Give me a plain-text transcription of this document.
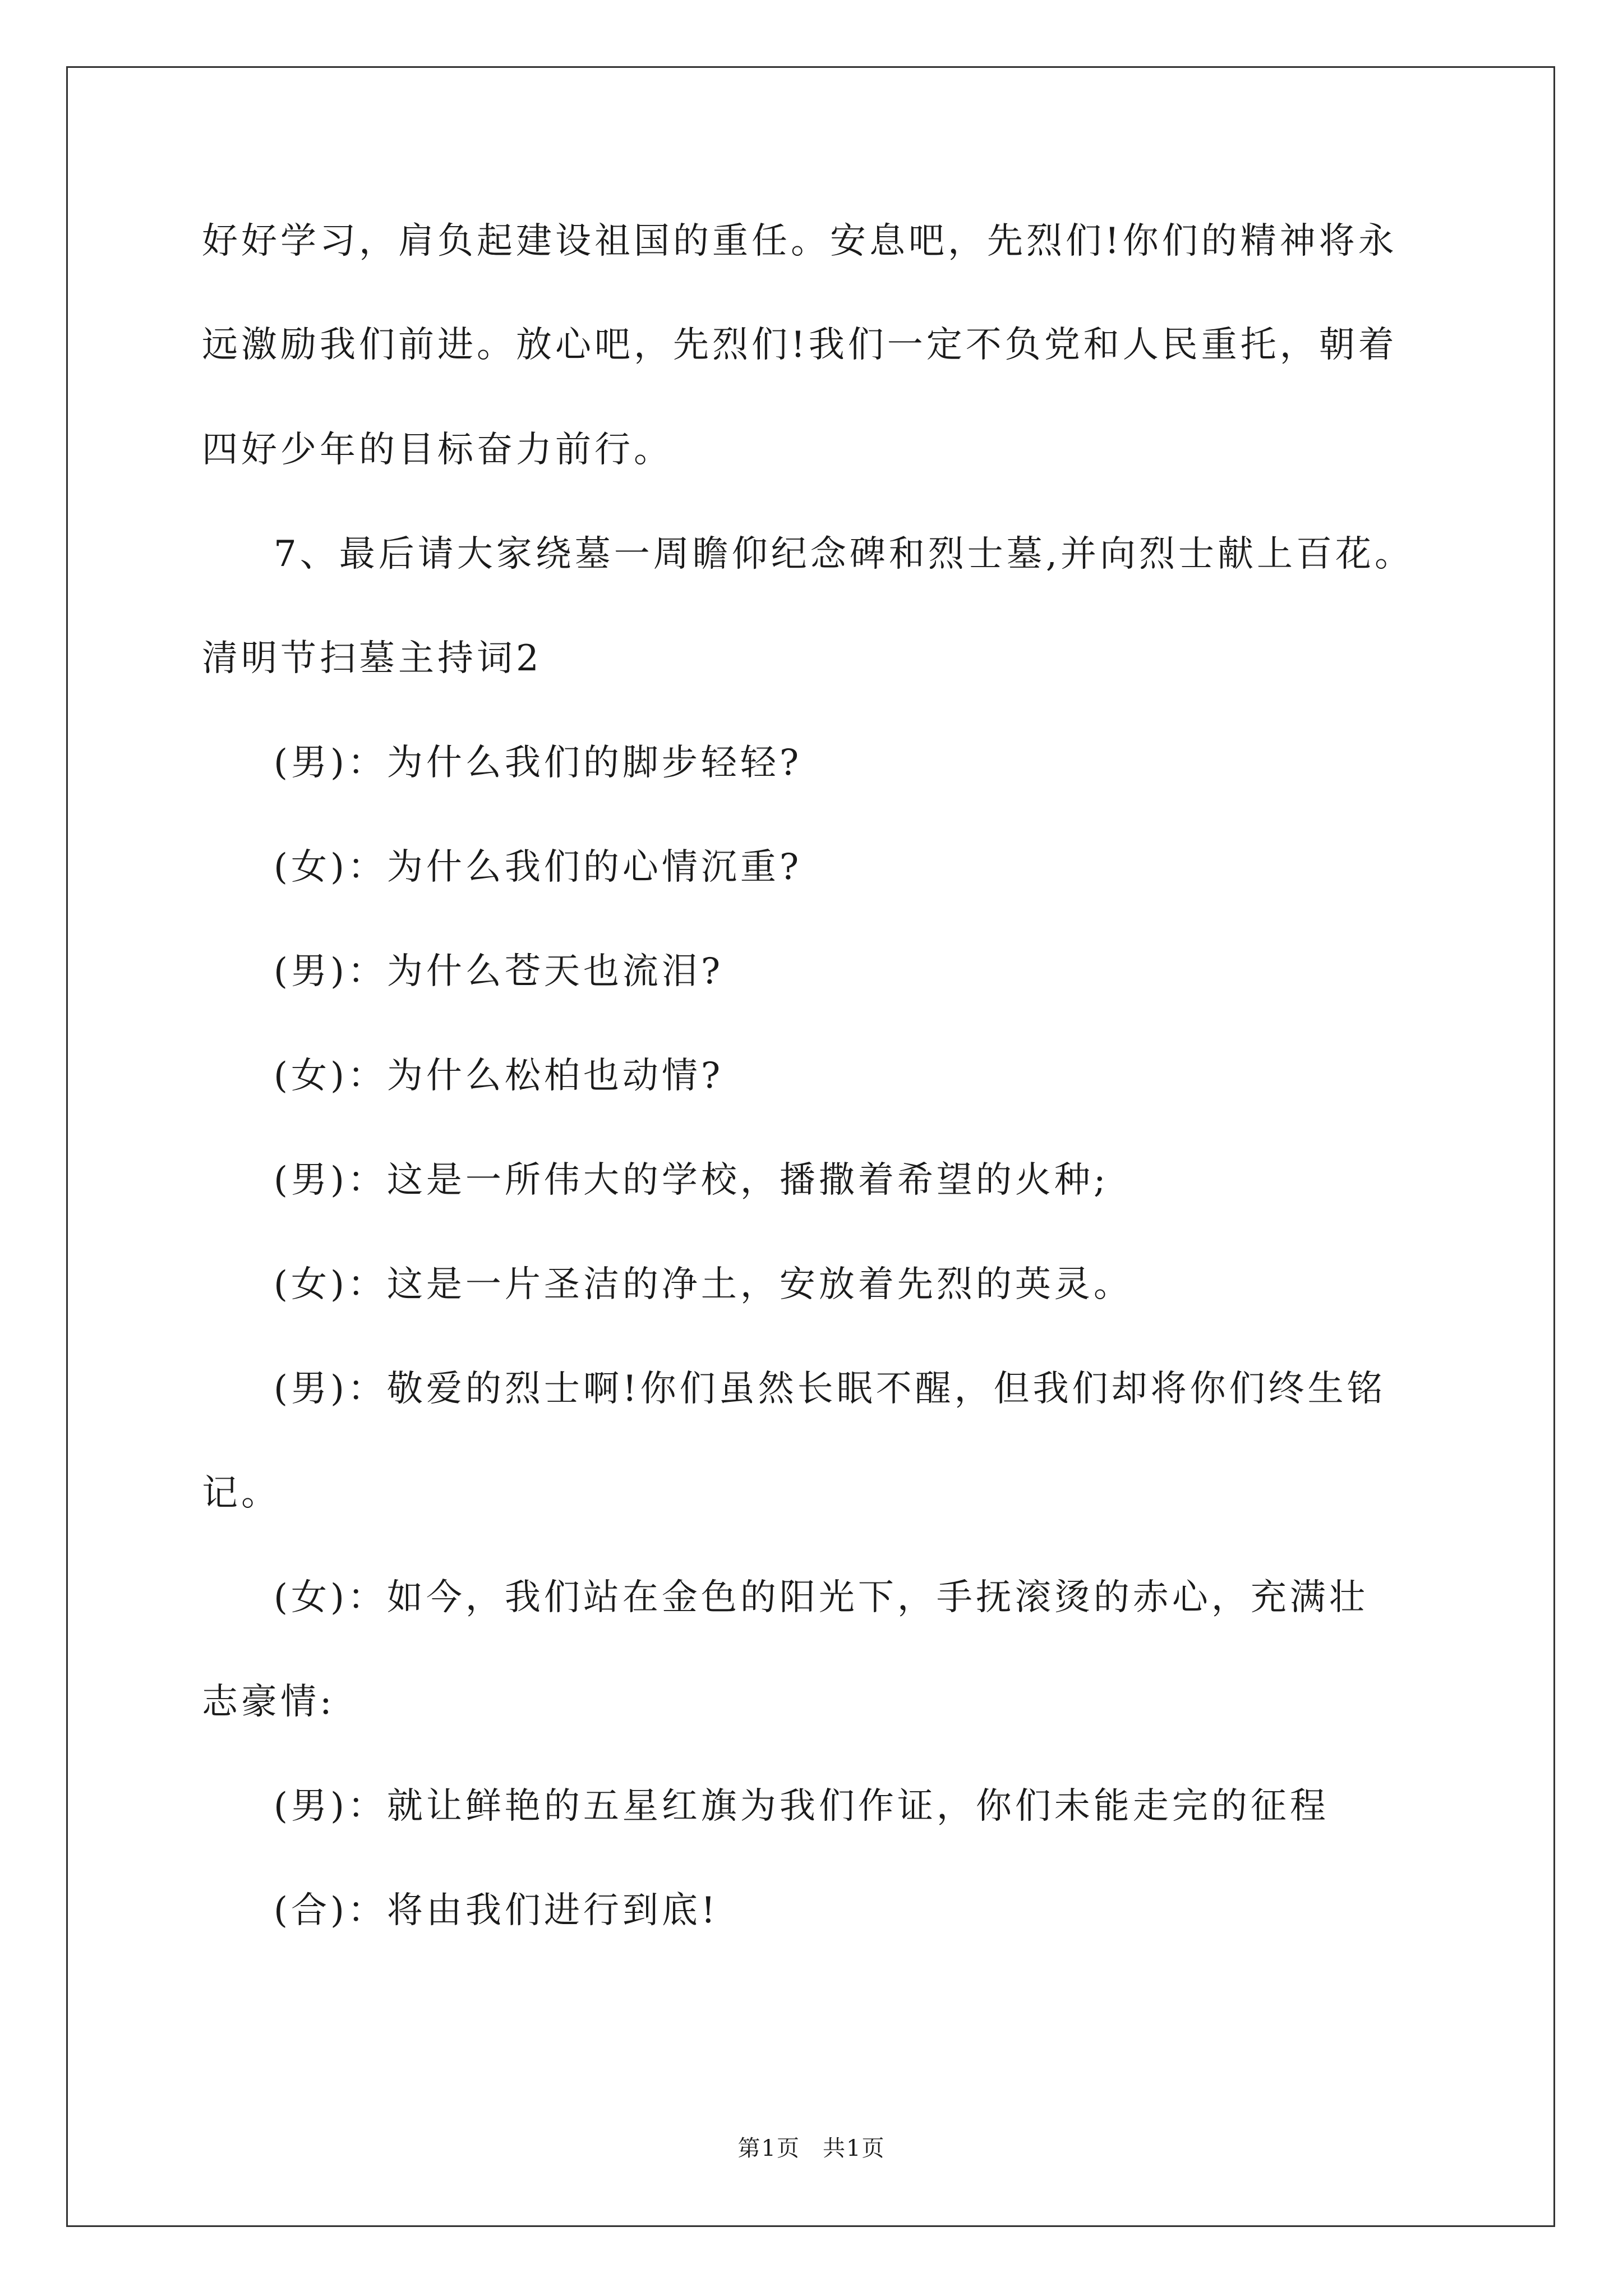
好好学习，肩负起建设祖国的重任。安息吧，先烈们!你们的精神将永
远激励我们前进。放心吧，先烈们!我们一定不负党和人民重托，朝着
四好少年的目标奋力前行。
7、最后请大家绕墓一周瞻仰纪念碑和烈士墓,并向烈士献上百花。
清明节扫墓主持词2
(男)：为什么我们的脚步轻轻?
(女)：为什么我们的心情沉重?
(男)：为什么苍天也流泪?
(女)：为什么松柏也动情?
(男)：这是一所伟大的学校，播撒着希望的火种;
(女)：这是一片圣洁的净土，安放着先烈的英灵。
(男)：敬爱的烈士啊!你们虽然长眠不醒，但我们却将你们终生铭
记。
(女)：如今，我们站在金色的阳光下，手抚滚烫的赤心，充满壮
志豪情:
(男)：就让鲜艳的五星红旗为我们作证，你们未能走完的征程
(合)：将由我们进行到底!
第1页 共1页
